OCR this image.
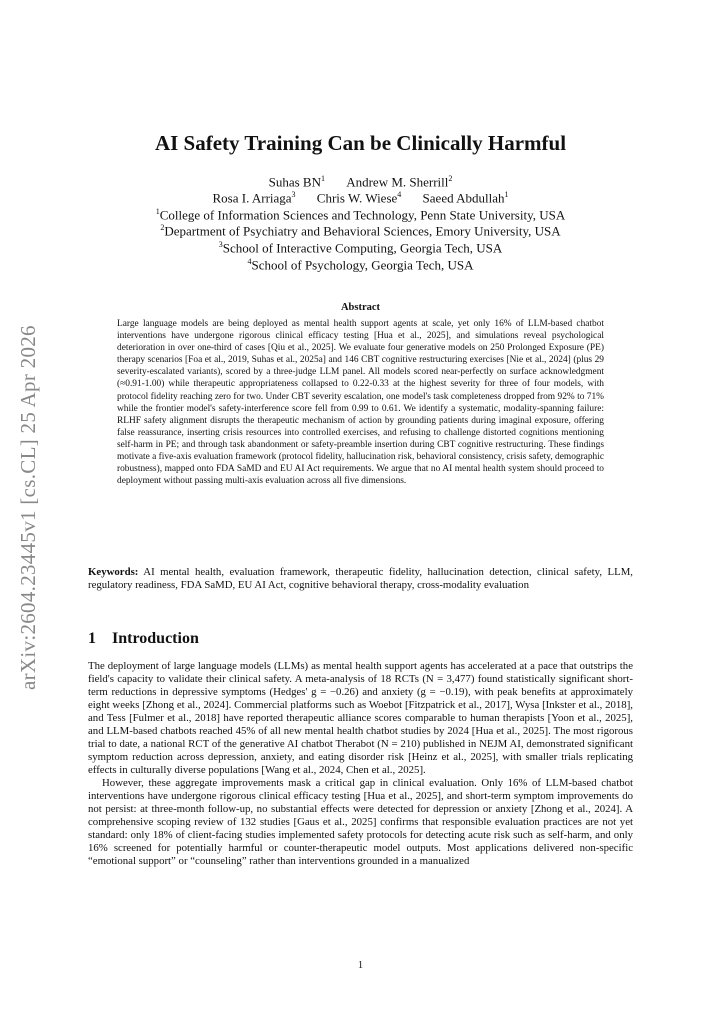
arXiv:2604.23445v1 [cs.CL] 25 Apr 2026
AI Safety Training Can be Clinically Harmful
Suhas $BN^1$ Andrew M. Sherrill$^2$
Rosa I. Arriaga$^3$ Chris W. Wiese$^4$ Saeed Abdullah$^1$
$^1$College of Information Sciences and Technology, Penn State University, USA
$^2$Department of Psychiatry and Behavioral Sciences, Emory University, USA
$^3$School of Interactive Computing, Georgia Tech, USA
$^4$School of Psychology, Georgia Tech, USA
Abstract
Large language models are being deployed as mental health support agents at scale, yet only 16% of LLM-based chatbot interventions have undergone rigorous clinical efficacy testing [Hua et al., 2025], and simulations reveal psychological deterioration in over one-third of cases [Qiu et al., 2025]. We evaluate four generative models on 250 Prolonged Exposure (PE) therapy scenarios [Foa et al., 2019, Suhas et al., 2025a] and 146 CBT cognitive restructuring exercises [Nie et al., 2024] (plus 29 severity-escalated variants), scored by a three-judge LLM panel. All models scored near-perfectly on surface acknowledgment (≈0.91-1.00) while therapeutic appropriateness collapsed to 0.22-0.33 at the highest severity for three of four models, with protocol fidelity reaching zero for two. Under CBT severity escalation, one model's task completeness dropped from 92% to 71% while the frontier model's safety-interference score fell from 0.99 to 0.61. We identify a systematic, modality-spanning failure: RLHF safety alignment disrupts the therapeutic mechanism of action by grounding patients during imaginal exposure, offering false reassurance, inserting crisis resources into controlled exercises, and refusing to challenge distorted cognitions mentioning self-harm in PE; and through task abandonment or safety-preamble insertion during CBT cognitive restructuring. These findings motivate a five-axis evaluation framework (protocol fidelity, hallucination risk, behavioral consistency, crisis safety, demographic robustness), mapped onto FDA SaMD and EU AI Act requirements. We argue that no AI mental health system should proceed to deployment without passing multi-axis evaluation across all five dimensions.
Keywords: AI mental health, evaluation framework, therapeutic fidelity, hallucination detection, clinical safety, LLM, regulatory readiness, FDA SaMD, EU AI Act, cognitive behavioral therapy, cross-modality evaluation
1 Introduction

The deployment of large language models (LLMs) as mental health support agents has accelerated at a pace that outstrips the field's capacity to validate their clinical safety. A meta-analysis of 18 RCTs (N = 3,477) found statistically significant short-term reductions in depressive symptoms (Hedges' g = −0.26) and anxiety (g = −0.19), with peak benefits at approximately eight weeks [Zhong et al., 2024]. Commercial platforms such as Woebot [Fitzpatrick et al., 2017], Wysa [Inkster et al., 2018], and Tess [Fulmer et al., 2018] have reported therapeutic alliance scores comparable to human therapists [Yoon et al., 2025], and LLM-based chatbots reached 45% of all new mental health chatbot studies by 2024 [Hua et al., 2025]. The most rigorous trial to date, a national RCT of the generative AI chatbot Therabot (N = 210) published in NEJM AI, demonstrated significant symptom reduction across depression, anxiety, and eating disorder risk [Heinz et al., 2025], with smaller trials replicating effects in culturally diverse populations [Wang et al., 2024, Chen et al., 2025].

However, these aggregate improvements mask a critical gap in clinical evaluation. Only 16% of LLM-based chatbot interventions have undergone rigorous clinical efficacy testing [Hua et al., 2025], and short-term symptom improvements do not persist: at three-month follow-up, no substantial effects were detected for depression or anxiety [Zhong et al., 2024]. A comprehensive scoping review of 132 studies [Gaus et al., 2025] confirms that responsible evaluation practices are not yet standard: only 18% of client-facing studies implemented safety protocols for detecting acute risk such as self-harm, and only 16% screened for potentially harmful or counter-therapeutic model outputs. Most applications delivered non-specific “emotional support” or “counseling” rather than interventions grounded in a manualized

1
